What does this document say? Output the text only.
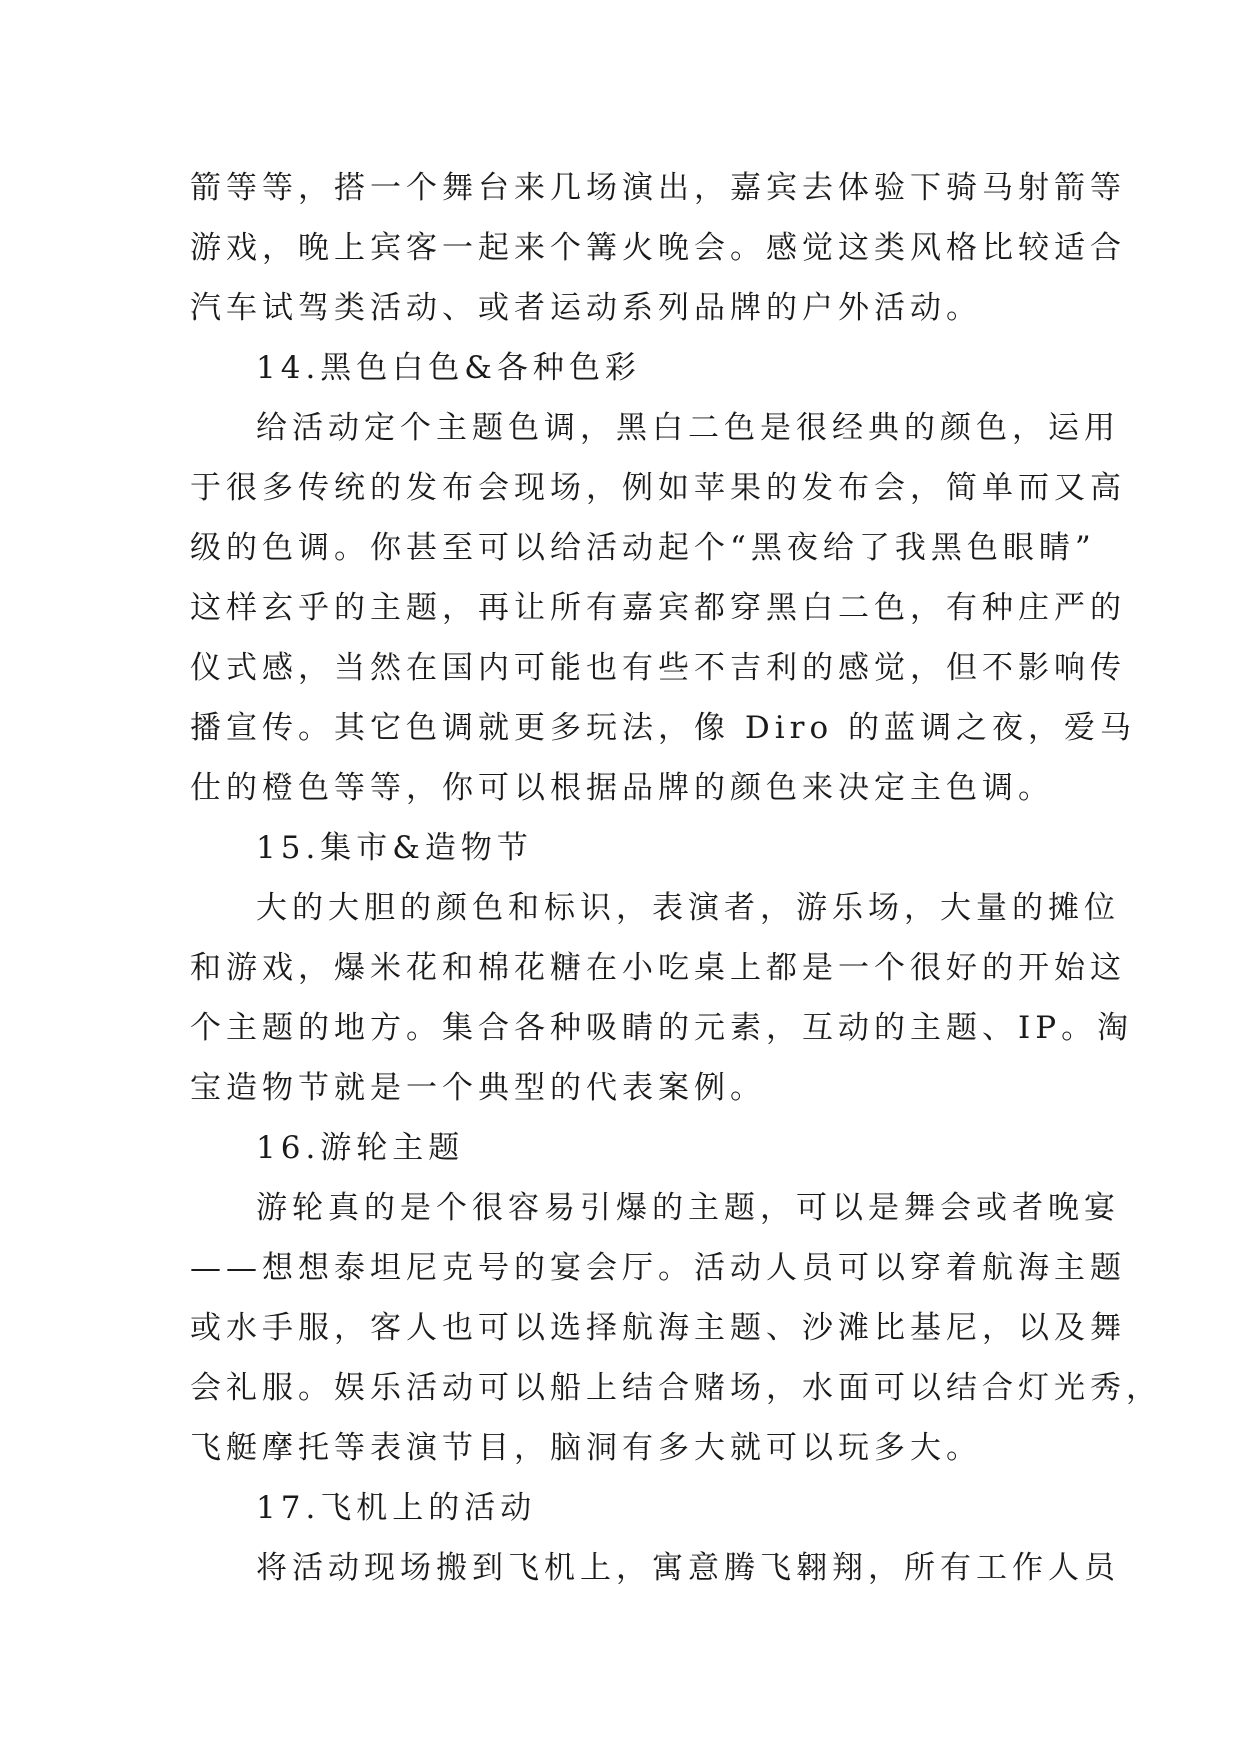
箭等等，搭一个舞台来几场演出，嘉宾去体验下骑马射箭等
游戏，晚上宾客一起来个篝火晚会。感觉这类风格比较适合
汽车试驾类活动、或者运动系列品牌的户外活动。
14.黑色白色&各种色彩
给活动定个主题色调，黑白二色是很经典的颜色，运用
于很多传统的发布会现场，例如苹果的发布会，简单而又高
级的色调。你甚至可以给活动起个“黑夜给了我黑色眼睛”
这样玄乎的主题，再让所有嘉宾都穿黑白二色，有种庄严的
仪式感，当然在国内可能也有些不吉利的感觉，但不影响传
播宣传。其它色调就更多玩法，像 Diro 的蓝调之夜，爱马
仕的橙色等等，你可以根据品牌的颜色来决定主色调。
15.集市&造物节
大的大胆的颜色和标识，表演者，游乐场，大量的摊位
和游戏，爆米花和棉花糖在小吃桌上都是一个很好的开始这
个主题的地方。集合各种吸睛的元素，互动的主题、IP。淘
宝造物节就是一个典型的代表案例。
16.游轮主题
游轮真的是个很容易引爆的主题，可以是舞会或者晚宴
——想想泰坦尼克号的宴会厅。活动人员可以穿着航海主题
或水手服，客人也可以选择航海主题、沙滩比基尼，以及舞
会礼服。娱乐活动可以船上结合赌场，水面可以结合灯光秀，
飞艇摩托等表演节目，脑洞有多大就可以玩多大。
17.飞机上的活动
将活动现场搬到飞机上，寓意腾飞翱翔，所有工作人员
